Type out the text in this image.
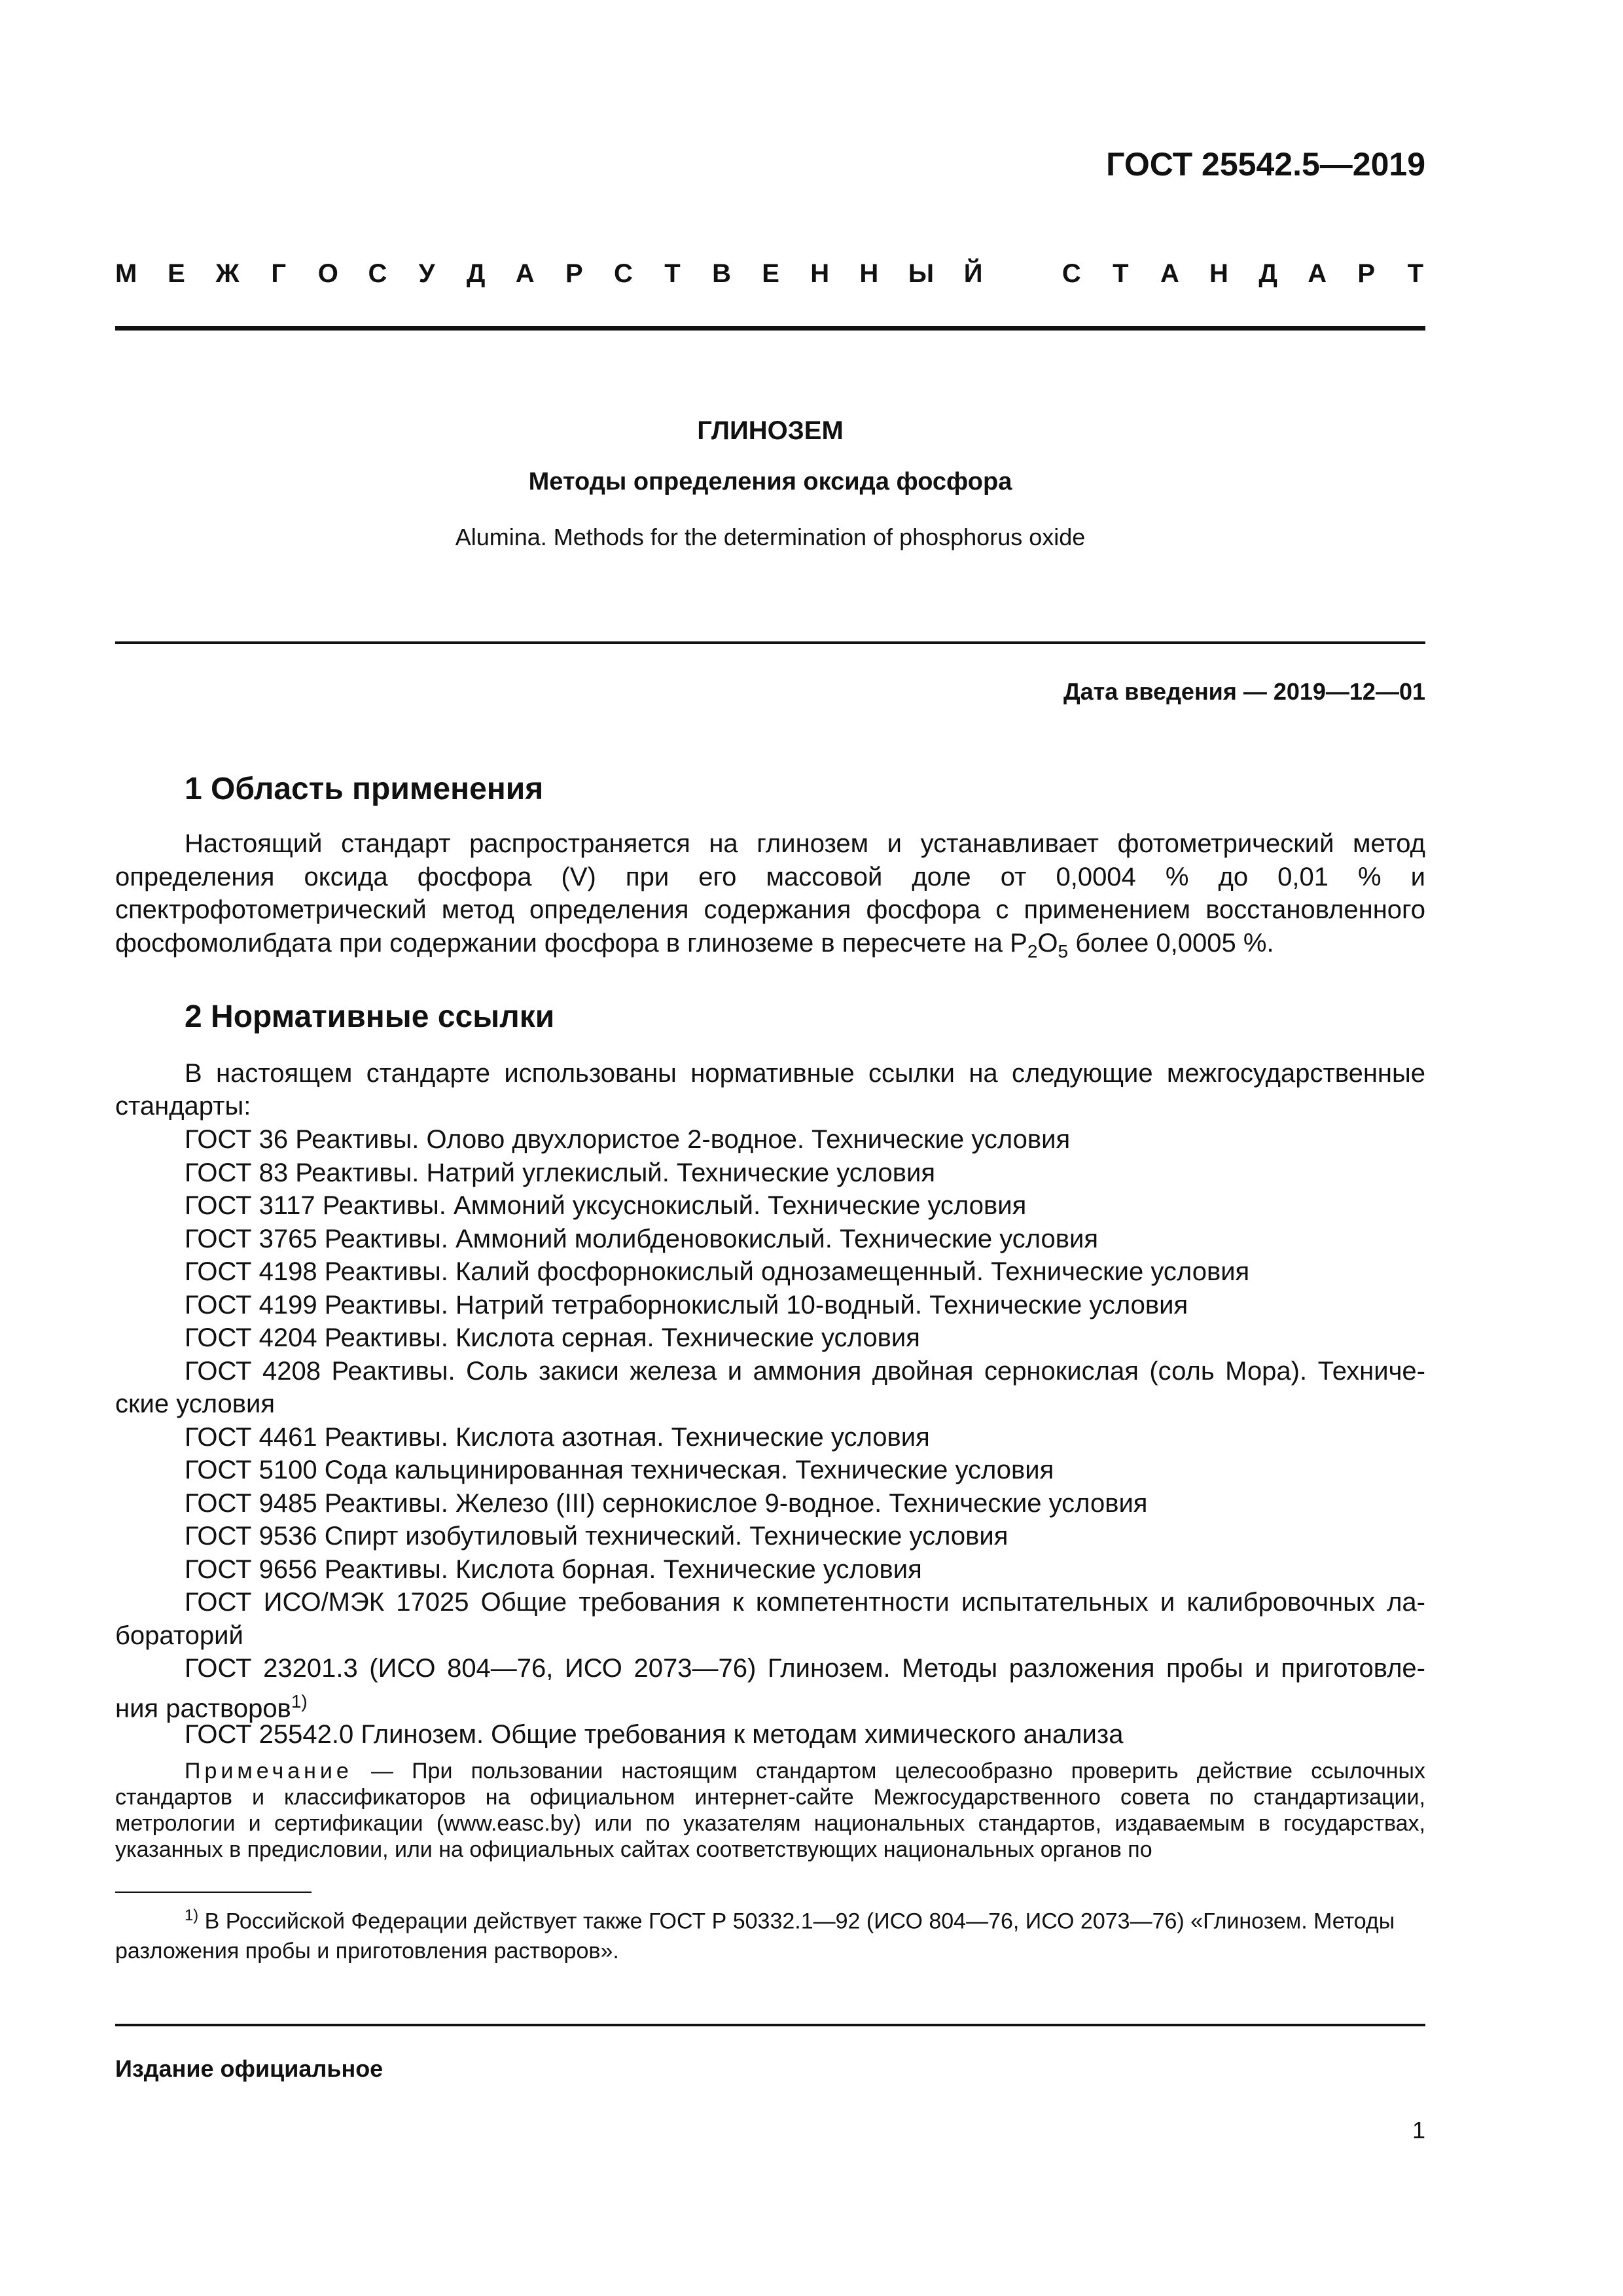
ГОСТ 25542.5—2019
М Е Ж Г О С У Д А Р С Т В Е Н Н Ы Й
	С Т А Н Д А Р Т
ГЛИНОЗЕМ
Методы определения оксида фосфора
Alumina. Methods for the determination of phosphorus oxide
Дата введения — 2019—12—01
1 Область применения
Настоящий стандарт распространяется на глинозем и устанавливает фотометрический метод определения оксида фосфора (V) при его массовой доле от 0,0004 % до 0,01 % и спектрофотометрический метод определения содержания фосфора с применением восстановленного фосфомолибдата при содержании фосфора в глиноземе в пересчете на $P_2O_5$ более 0,0005 %.
2 Нормативные ссылки
В настоящем стандарте использованы нормативные ссылки на следующие межгосударственные
стандарты:
ГОСТ 36 Реактивы. Олово двухлористое 2-водное. Технические условия
ГОСТ 83 Реактивы. Натрий углекислый. Технические условия
ГОСТ 3117 Реактивы. Аммоний уксуснокислый. Технические условия
ГОСТ 3765 Реактивы. Аммоний молибденовокислый. Технические условия
ГОСТ 4198 Реактивы. Калий фосфорнокислый однозамещенный. Технические условия
ГОСТ 4199 Реактивы. Натрий тетраборнокислый 10-водный. Технические условия
ГОСТ 4204 Реактивы. Кислота серная. Технические условия
ГОСТ 4208 Реактивы. Соль закиси железа и аммония двойная сернокислая (соль Мора). Техниче-
ские условия
ГОСТ 4461 Реактивы. Кислота азотная. Технические условия
ГОСТ 5100 Сода кальцинированная техническая. Технические условия
ГОСТ 9485 Реактивы. Железо (III) сернокислое 9-водное. Технические условия
ГОСТ 9536 Спирт изобутиловый технический. Технические условия
ГОСТ 9656 Реактивы. Кислота борная. Технические условия
ГОСТ ИСО/МЭК 17025 Общие требования к компетентности испытательных и калибровочных ла-
бораторий
ГОСТ 23201.3 (ИСО 804—76, ИСО 2073—76) Глинозем. Методы разложения пробы и приготовле-
ния растворов$^{1)}$
ГОСТ 25542.0 Глинозем. Общие требования к методам химического анализа
Примечание — При пользовании настоящим стандартом целесообразно проверить действие ссылочных стандартов и классификаторов на официальном интернет-сайте Межгосударственного совета по стандартизации, метрологии и сертификации (www.easc.by) или по указателям национальных стандартов, издаваемым в государствах, указанных в предисловии, или на официальных сайтах соответствующих национальных органов по
$^{1)}$ В Российской Федерации действует также ГОСТ Р 50332.1—92 (ИСО 804—76, ИСО 2073—76) «Глинозем. Методы разложения пробы и приготовления растворов».
Издание официальное
1
